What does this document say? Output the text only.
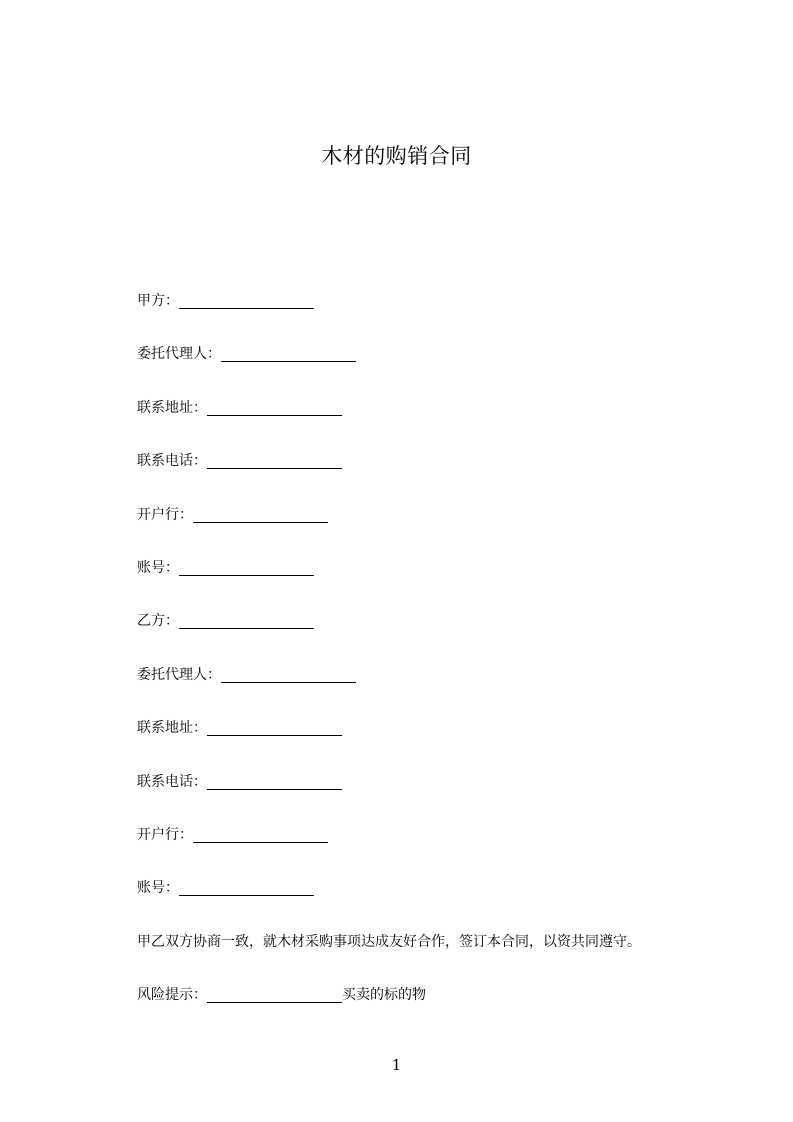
木材的购销合同
甲方：
委托代理人：
联系地址：
联系电话：
开户行：
账号：
乙方：
委托代理人：
联系地址：
联系电话：
开户行：
账号：
甲乙双方协商一致，就木材采购事项达成友好合作，签订本合同，以资共同遵守。
风险提示：	买卖的标的物
1
